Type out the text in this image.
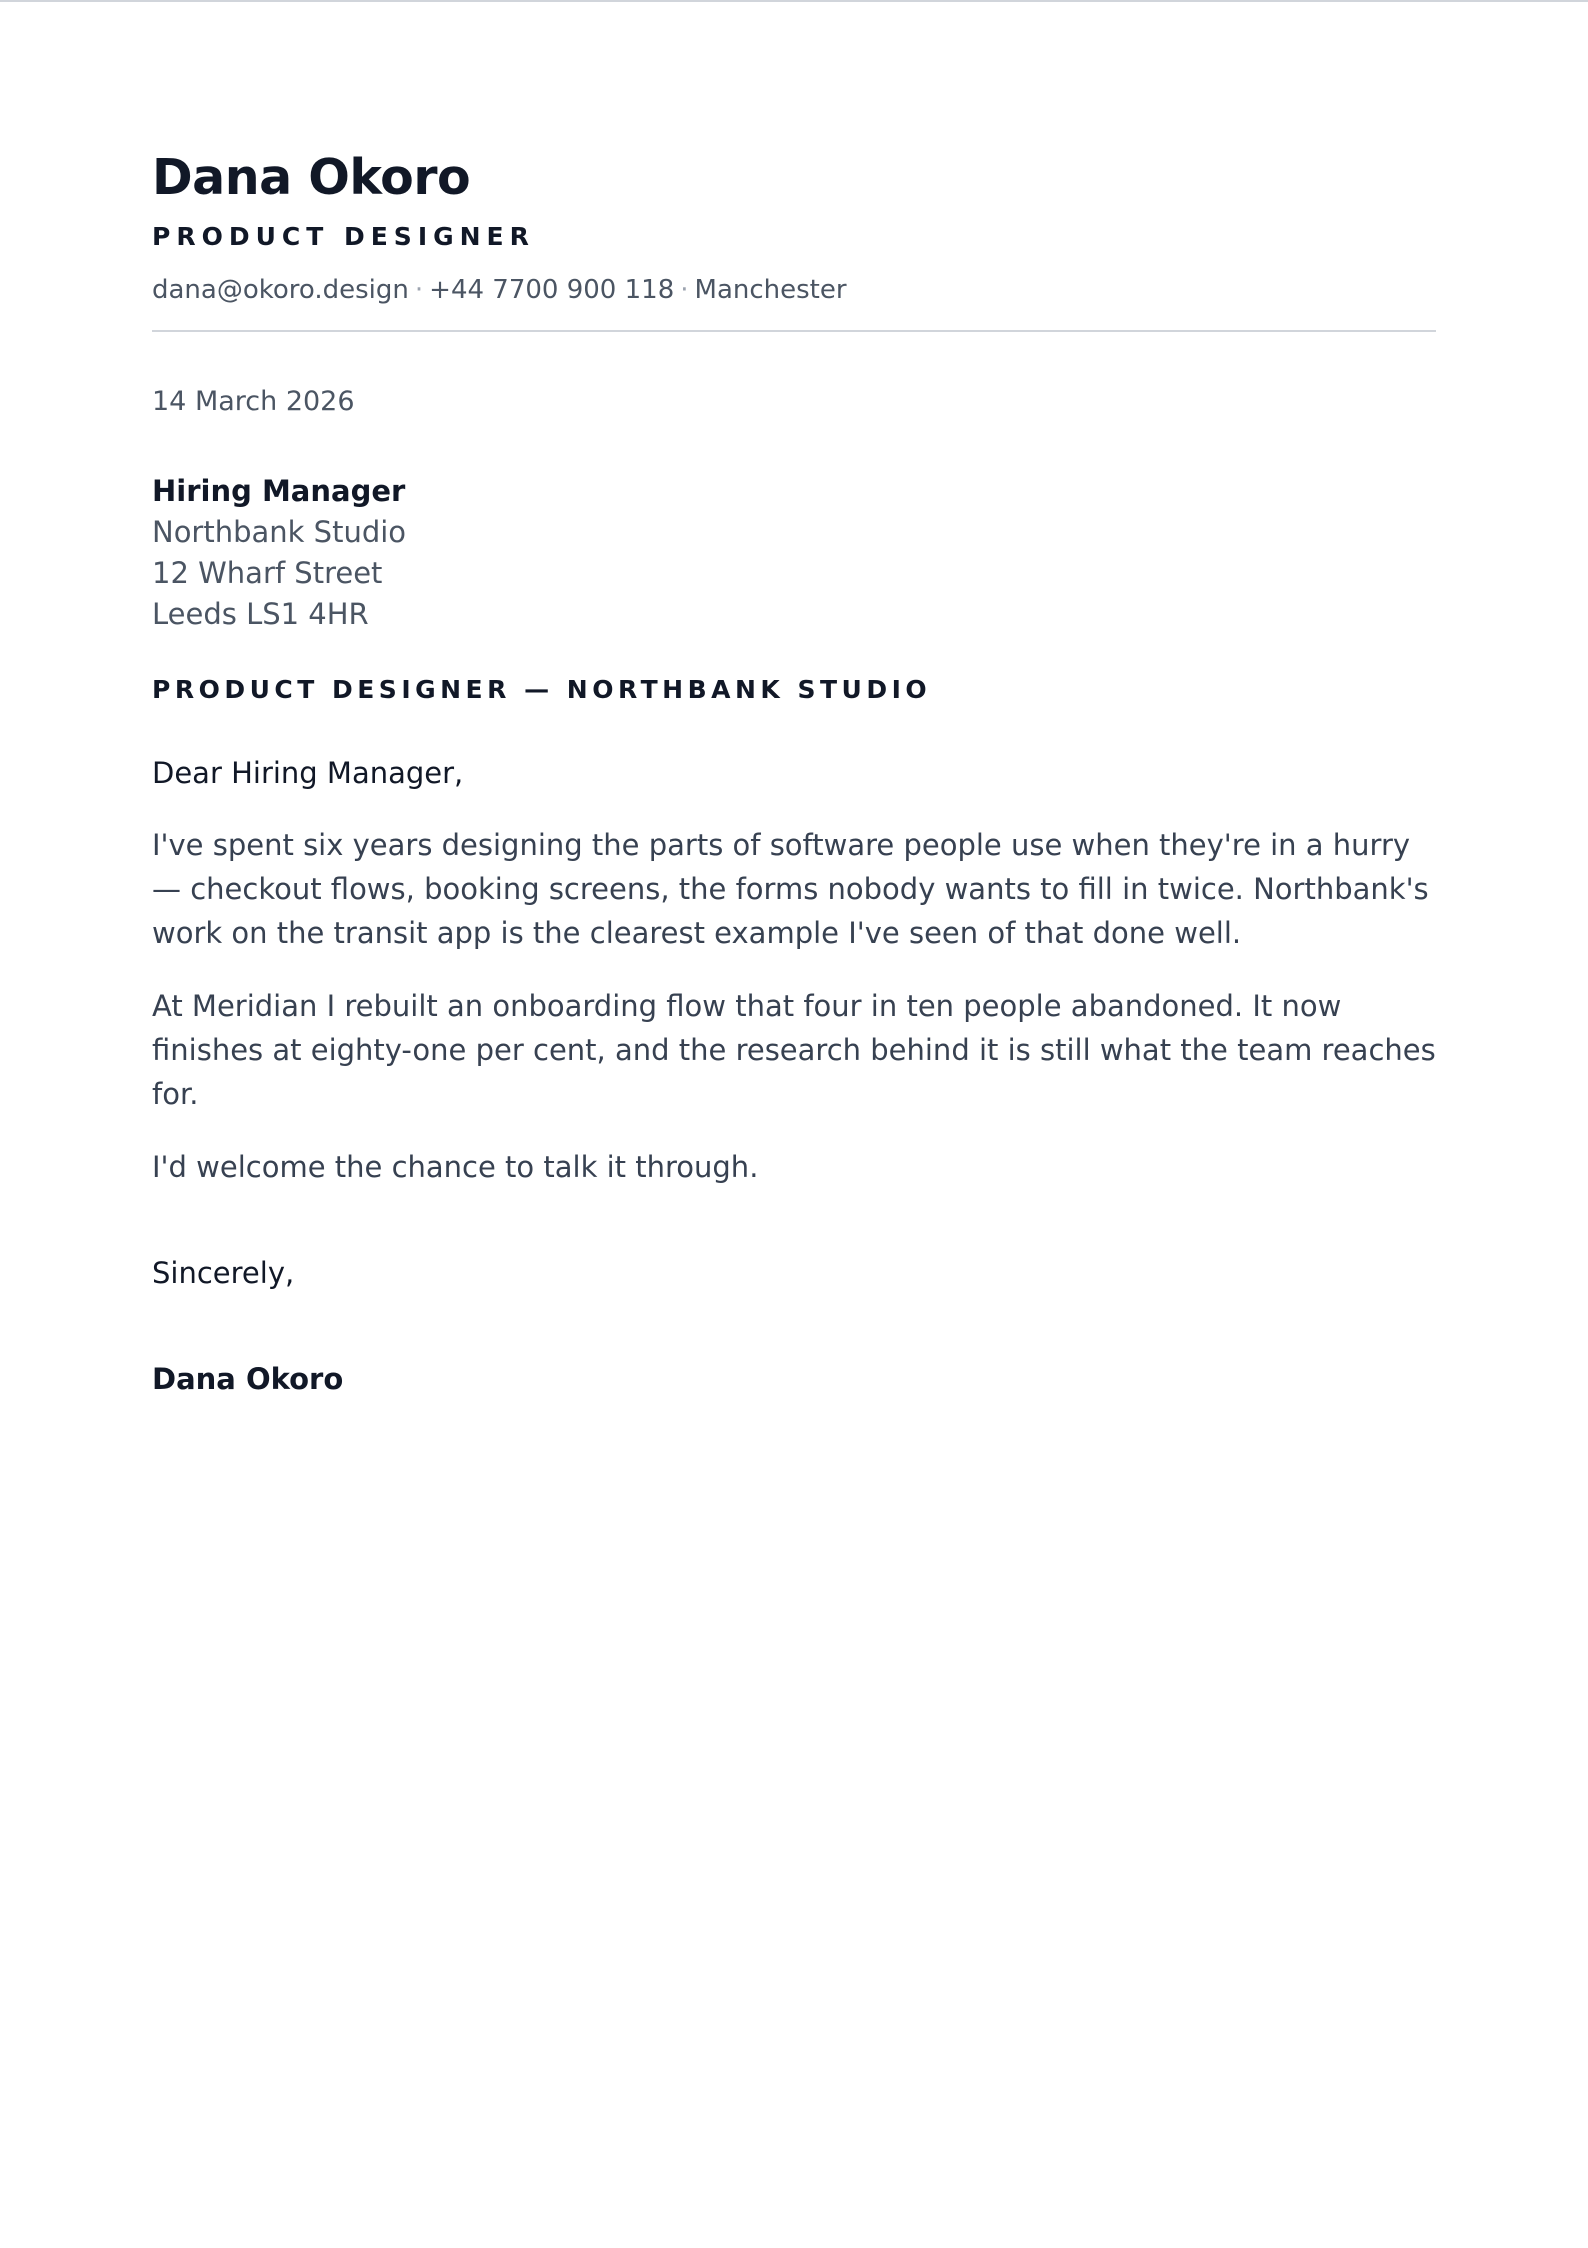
Dana Okoro
PRODUCT DESIGNER
dana@okoro.design · +44 7700 900 118 · Manchester
14 March 2026
Hiring Manager
Northbank Studio
12 Wharf Street
Leeds LS1 4HR
PRODUCT DESIGNER — NORTHBANK STUDIO
Dear Hiring Manager,

I've spent six years designing the parts of software people use when they're in a hurry — checkout flows, booking screens, the forms nobody wants to fill in twice. Northbank's work on the transit app is the clearest example I've seen of that done well.

At Meridian I rebuilt an onboarding flow that four in ten people abandoned. It now finishes at eighty-one per cent, and the research behind it is still what the team reaches for.

I'd welcome the chance to talk it through.

Sincerely,
Dana Okoro
